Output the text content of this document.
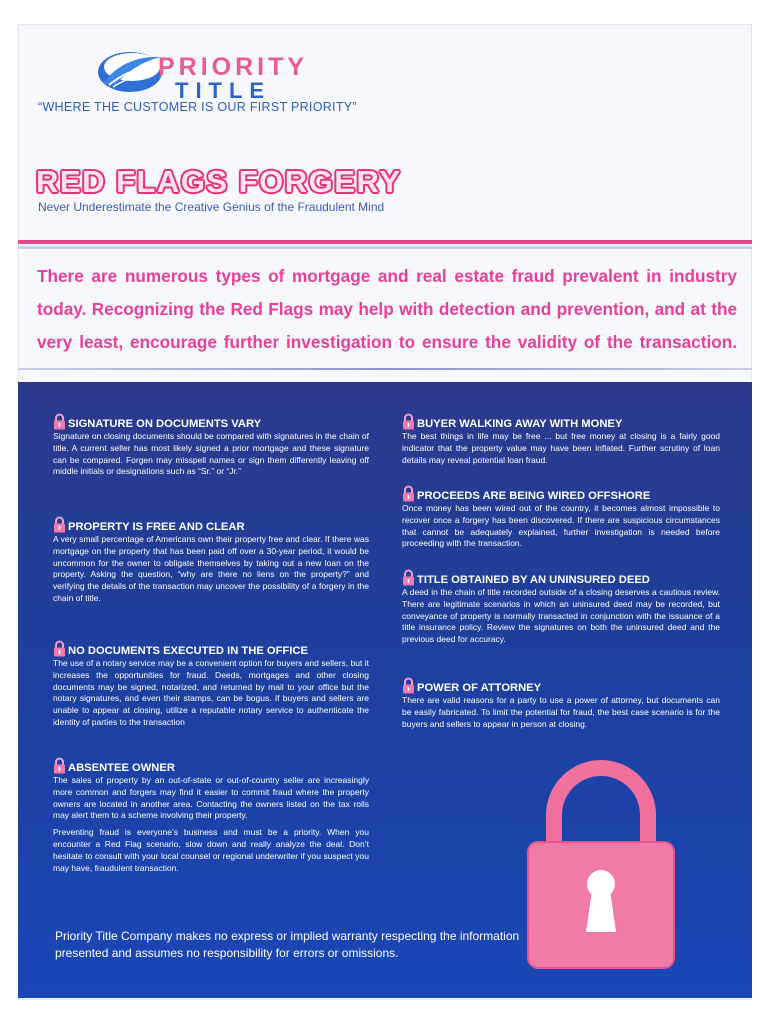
PRIORITY
TITLE
“WHERE THE CUSTOMER IS OUR FIRST PRIORITY”
RED FLAGS FORGERY
Never Underestimate the Creative Genius of the Fraudulent Mind
There are numerous types of mortgage and real estate fraud prevalent in industry today. Recognizing the Red Flags may help with detection and prevention, and at the very least, encourage further investigation to ensure the validity of the transaction.
SIGNATURE ON DOCUMENTS VARY
Signature on closing documents should be compared with signatures in the chain of title. A current seller has most likely signed a prior mortgage and these signature can be compared. Forgen may misspell names or sign them differently leaving off middle initials or designations such as “Sr.” or “Jr.”
PROPERTY IS FREE AND CLEAR
A very small percentage of Americans own their property free and clear. If there was mortgage on the property that has been paid off over a 30-year period, it would be uncommon for the owner to obligate themselves by taking out a new loan on the property. Asking the question, “why are there no liens on the property?” and verifying the details of the transaction may uncover the possibility of a forgery in the chain of title.
NO DOCUMENTS EXECUTED IN THE OFFICE
The use of a notary service may be a convenient option for buyers and sellers, but it increases the opportunities for fraud. Deeds, mortgages and other closing documents may be signed, notarized, and returned by mail to your office but the notary signatures, and even their stamps, can be bogus. If buyers and sellers are unable to appear at closing, utilize a reputable notary service to authenticate the identity of parties to the transaction
ABSENTEE OWNER
The sales of property by an out-of-state or out-of-country seller are increasingly more common and forgers may find it easier to commit fraud where the property owners are located in another area. Contacting the owners listed on the tax rolls may alert them to a scheme involving their property.
Preventing fraud is everyone’s business and must be a priority. When you encounter a Red Flag scenario, slow down and really analyze the deal. Don’t hesitate to consult with your local counsel or regional underwriter if you suspect you may have, fraudulent transaction.
BUYER WALKING AWAY WITH MONEY
The best things in life may be free ... but free money at closing is a fairly good indicator that the property value may have been inflated. Further scrutiny of loan details may reveal potential loan fraud.
PROCEEDS ARE BEING WIRED OFFSHORE
Once money has been wired out of the country, it becomes almost impossible to recover once a forgery has been discovered. If there are suspicious circumstances that cannot be adequately explained, further investigation is needed before proceeding with the transaction.
TITLE OBTAINED BY AN UNINSURED DEED
A deed in the chain of title recorded outside of a closing deserves a cautious review. There are legitimate scenarios in which an uninsured deed may be recorded, but conveyance of property is normally transacted in conjunction with the issuance of a title insurance policy. Review the signatures on both the uninsured deed and the previous deed for accuracy.
POWER OF ATTORNEY
There are valid reasons for a party to use a power of attorney, but documents can be easily fabricated. To limit the potential for fraud, the best case scenario is for the buyers and sellers to appear in person at closing.
Priority Title Company makes no express or implied warranty respecting the information presented and assumes no responsibility for errors or omissions.
